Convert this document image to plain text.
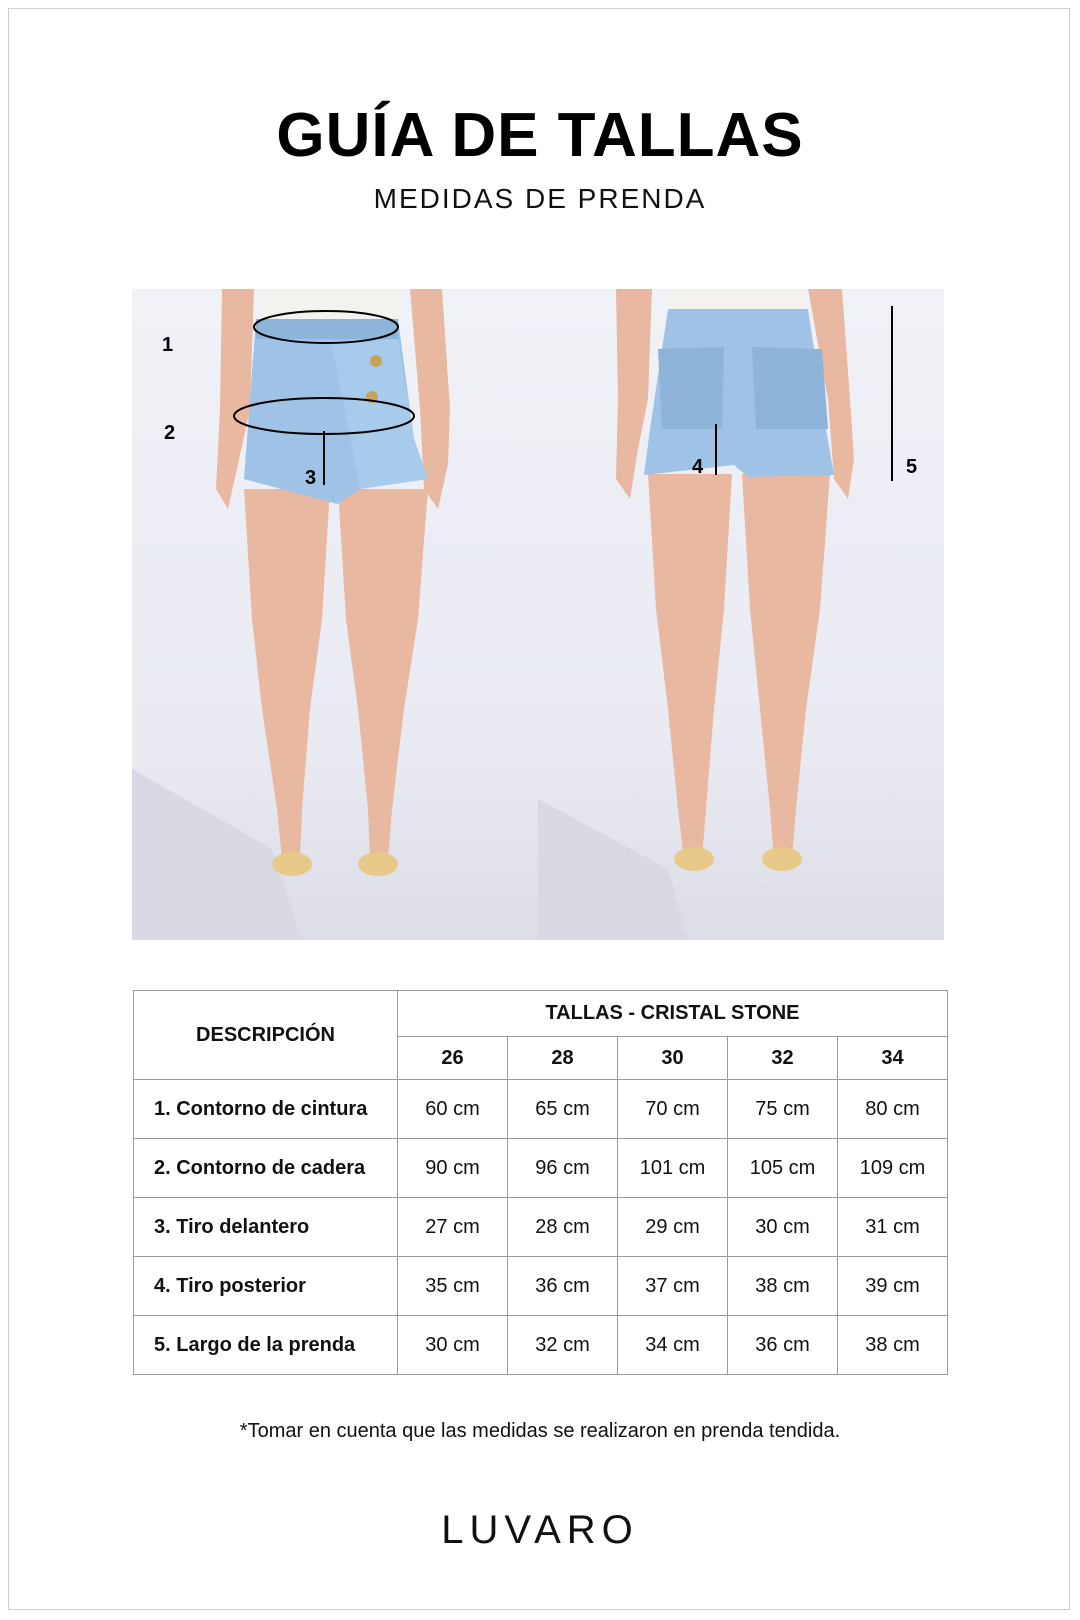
GUÍA DE TALLAS
MEDIDAS DE PRENDA
1
2
3	4	5
DESCRIPCIÓN	TALLAS - CRISTAL STONE				
	26	28	30	32	34
1. Contorno de cintura	60 cm	65 cm	70 cm	75 cm	80 cm
2. Contorno de cadera	90 cm	96 cm	101 cm	105 cm	109 cm
3. Tiro delantero	27 cm	28 cm	29 cm	30 cm	31 cm
4. Tiro posterior	35 cm	36 cm	37 cm	38 cm	39 cm
5. Largo de la prenda	30 cm	32 cm	34 cm	36 cm	38 cm
*Tomar en cuenta que las medidas se realizaron en prenda tendida.
LUVARO
